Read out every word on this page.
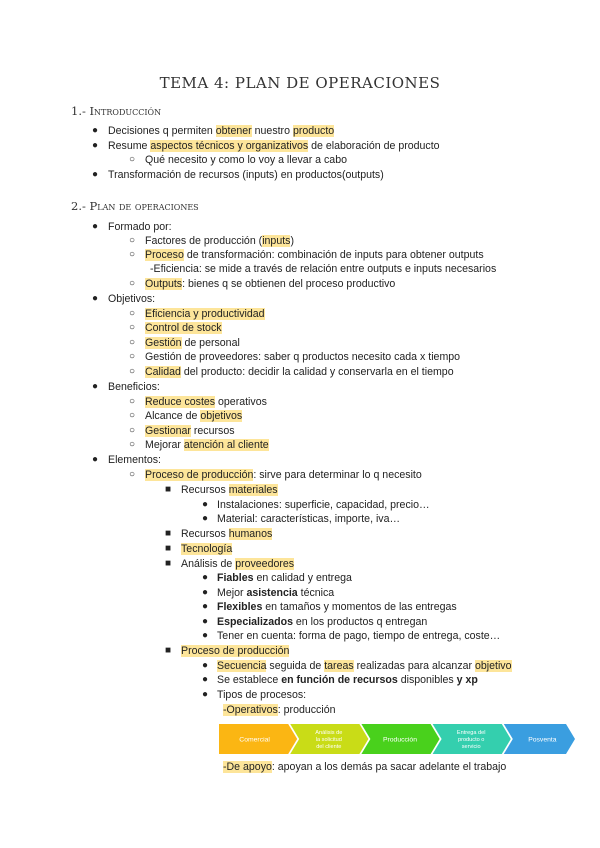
TEMA 4: PLAN DE OPERACIONES
1.- Introducción
● Decisiones q permiten obtener nuestro producto
● Resume aspectos técnicos y organizativos de elaboración de producto
○ Qué necesito y como lo voy a llevar a cabo
● Transformación de recursos (inputs) en productos(outputs)
2.- Plan de operaciones
● Formado por:
○ Factores de producción (inputs)
○ Proceso de transformación: combinación de inputs para obtener outputs
-Eficiencia: se mide a través de relación entre outputs e inputs necesarios
○ Outputs: bienes q se obtienen del proceso productivo
● Objetivos:
○ Eficiencia y productividad
○ Control de stock
○ Gestión de personal
○ Gestión de proveedores: saber q productos necesito cada x tiempo
○ Calidad del producto: decidir la calidad y conservarla en el tiempo
● Beneficios:
○ Reduce costes operativos
○ Alcance de objetivos
○ Gestionar recursos
○ Mejorar atención al cliente
● Elementos:
○ Proceso de producción: sirve para determinar lo q necesito
■ Recursos materiales
● Instalaciones: superficie, capacidad, precio…
● Material: características, importe, iva…
■ Recursos humanos
■ Tecnología
■ Análisis de proveedores
● Fiables en calidad y entrega
● Mejor asistencia técnica
● Flexibles en tamaños y momentos de las entregas
● Especializados en los productos q entregan
● Tener en cuenta: forma de pago, tiempo de entrega, coste…
■ Proceso de producción
● Secuencia seguida de tareas realizadas para alcanzar objetivo
● Se establece en función de recursos disponibles y xp
● Tipos de procesos:
-Operativos: producción
Comercial
Análisis de la solicitud del cliente
Producción
Entrega del producto o servicio
Posventa
-De apoyo: apoyan a los demás pa sacar adelante el trabajo
